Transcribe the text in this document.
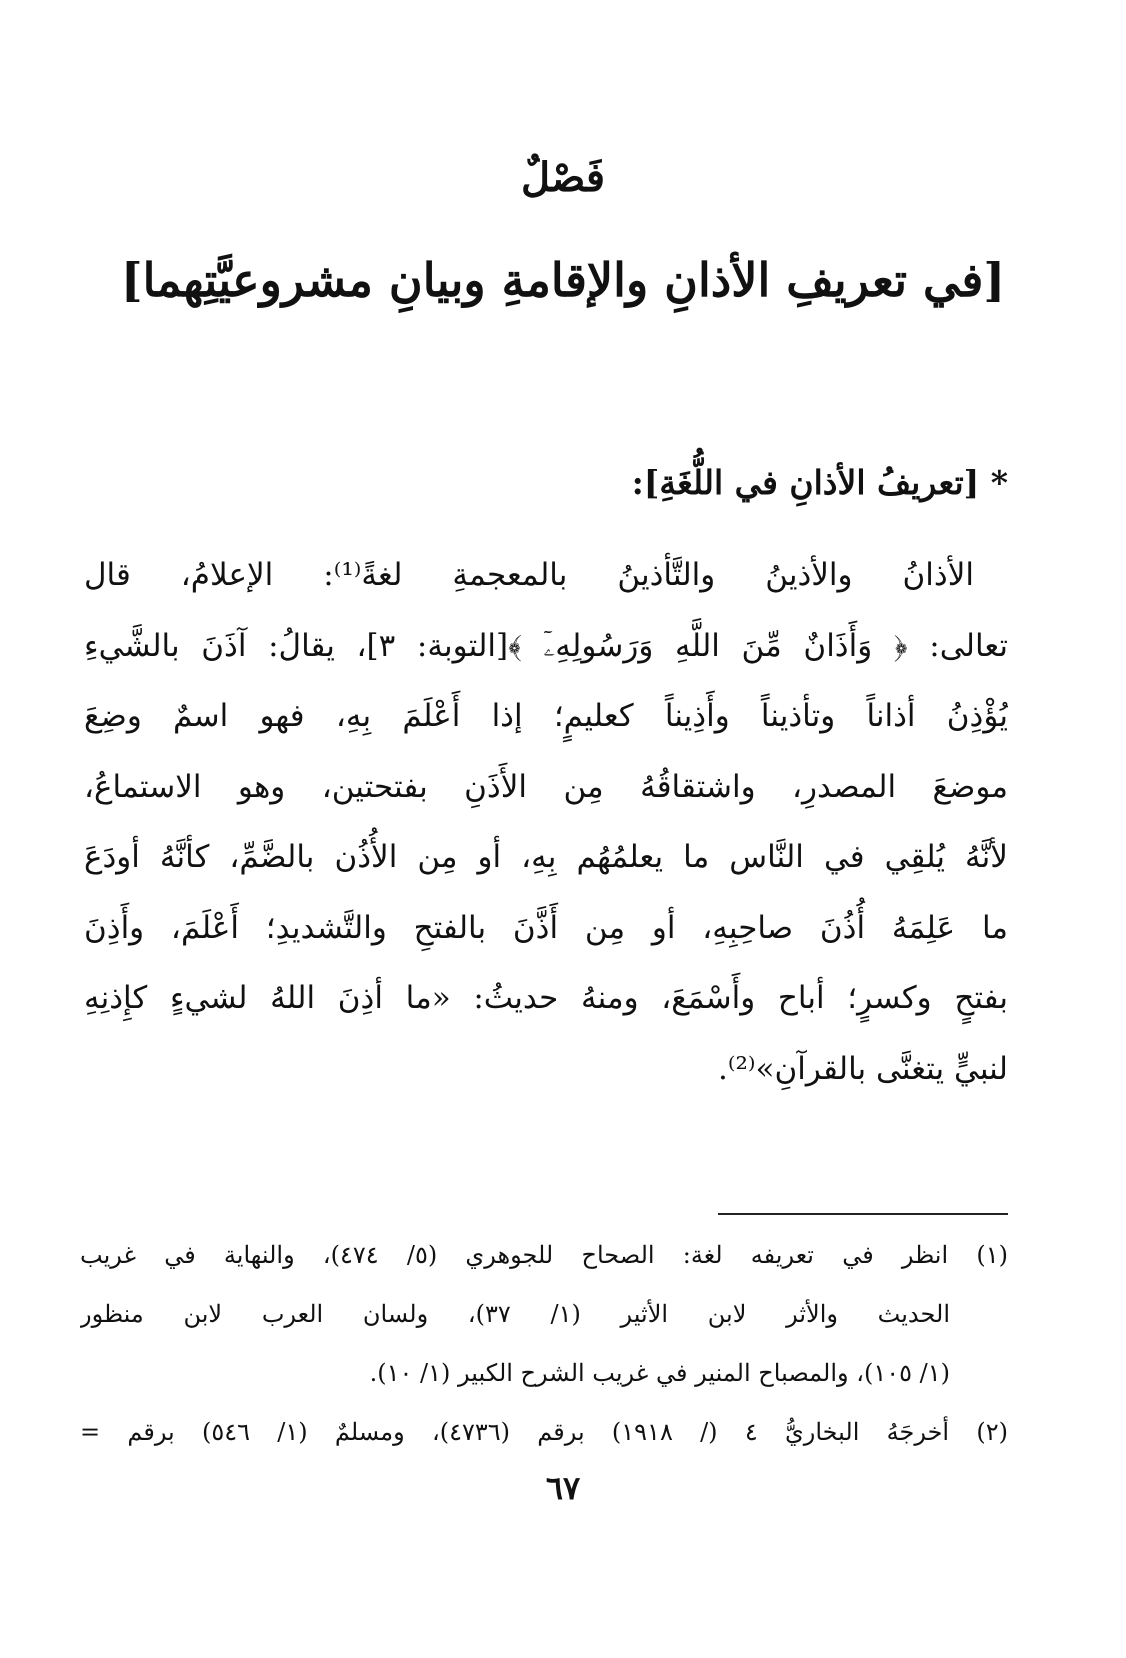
فَصْلٌ
[في تعريفِ الأذانِ والإقامةِ وبيانِ مشروعيَّتِهما]
* [تعريفُ الأذانِ في اللُّغَةِ]:
الأذانُ والأذينُ والتَّأذينُ بالمعجمةِ لغةً⁽¹⁾: الإعلامُ، قال
تعالى: ﴿ وَأَذَانٌ مِّنَ اللَّهِ وَرَسُولِهِۦٓ ﴾[التوبة: ٣]، يقالُ: آذَنَ بالشَّيءِ
يُؤْذِنُ أذاناً وتأذيناً وأَذِيناً كعليمٍ؛ إذا أَعْلَمَ بِهِ، فهو اسمٌ وضِعَ
موضعَ المصدرِ، واشتقاقُهُ مِن الأَذَنِ بفتحتين، وهو الاستماعُ،
لأنَّهُ يُلقِي في النَّاس ما يعلمُهُم بِهِ، أو مِن الأُذُن بالضَّمِّ، كأنَّهُ أودَعَ
ما عَلِمَهُ أُذُنَ صاحِبِهِ، أو مِن أَذَّنَ بالفتحِ والتَّشديدِ؛ أَعْلَمَ، وأَذِنَ
بفتحٍ وكسرٍ؛ أباح وأَسْمَعَ، ومنهُ حديثُ: «ما أذِنَ اللهُ لشيءٍ كإِذنِهِ
لنبيٍّ يتغنَّى بالقرآنِ»⁽²⁾.
(١) انظر في تعريفه لغة: الصحاح للجوهري (٥/ ٤٧٤)، والنهاية في غريب
الحديث والأثر لابن الأثير (١/ ٣٧)، ولسان العرب لابن منظور
(١/ ١٠٥)، والمصباح المنير في غريب الشرح الكبير (١/ ١٠).
(٢) أخرجَهُ البخاريُّ ٤ (/ ١٩١٨) برقم (٤٧٣٦)، ومسلمٌ (١/ ٥٤٦) برقم =
٦٧
